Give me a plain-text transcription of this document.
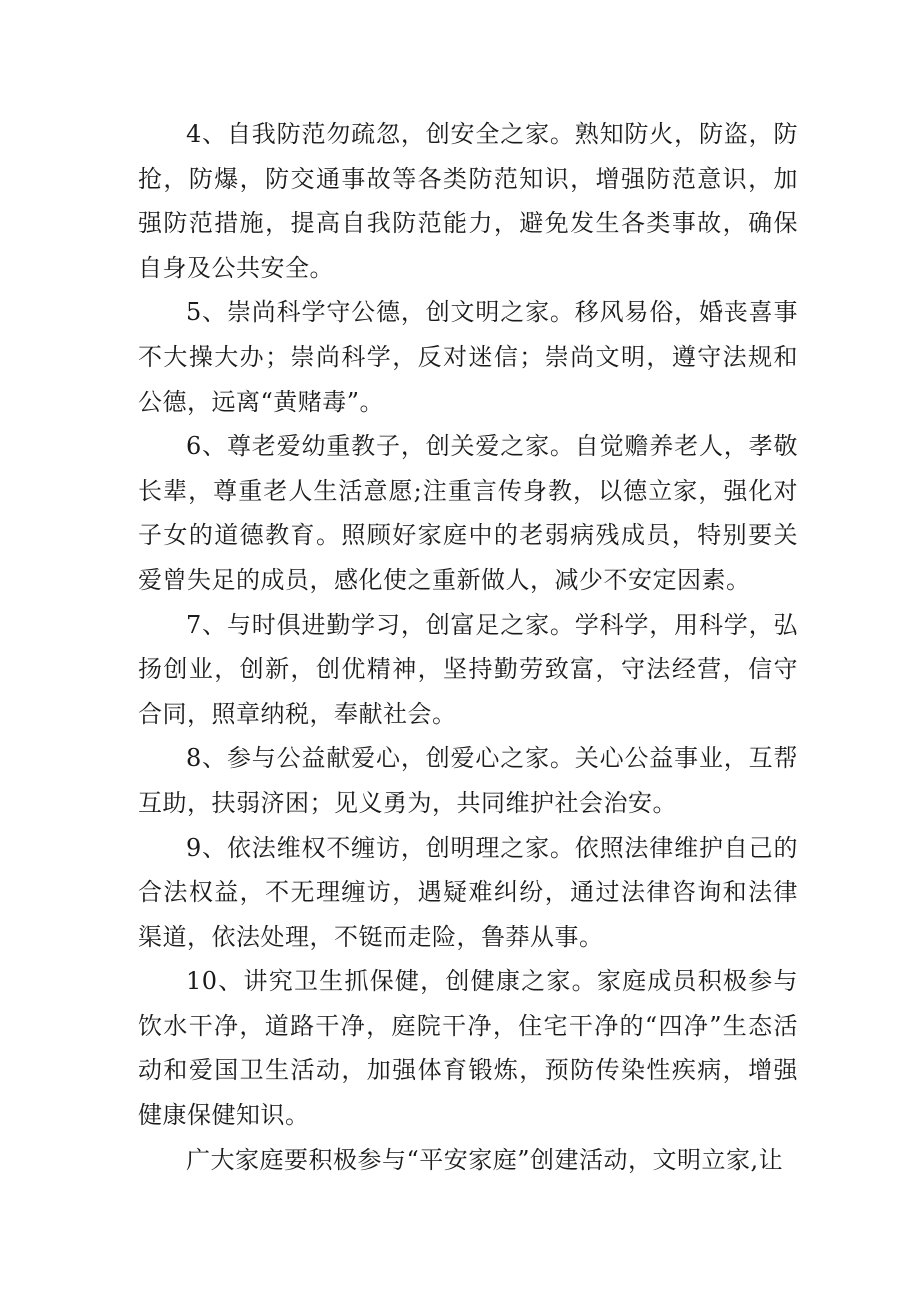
4、自我防范勿疏忽，创安全之家。熟知防火，防盗，防抢，防爆，防交通事故等各类防范知识，增强防范意识，加强防范措施，提高自我防范能力，避免发生各类事故，确保自身及公共安全。

5、崇尚科学守公德，创文明之家。移风易俗，婚丧喜事不大操大办；崇尚科学，反对迷信；崇尚文明，遵守法规和公德，远离“黄赌毒”。

6、尊老爱幼重教子，创关爱之家。自觉赡养老人，孝敬长辈，尊重老人生活意愿;注重言传身教，以德立家，强化对子女的道德教育。照顾好家庭中的老弱病残成员，特别要关爱曾失足的成员，感化使之重新做人，减少不安定因素。

7、与时俱进勤学习，创富足之家。学科学，用科学，弘扬创业，创新，创优精神，坚持勤劳致富，守法经营，信守合同，照章纳税，奉献社会。

8、参与公益献爱心，创爱心之家。关心公益事业，互帮互助，扶弱济困；见义勇为，共同维护社会治安。

9、依法维权不缠访，创明理之家。依照法律维护自己的合法权益，不无理缠访，遇疑难纠纷，通过法律咨询和法律渠道，依法处理，不铤而走险，鲁莽从事。

10、讲究卫生抓保健，创健康之家。家庭成员积极参与饮水干净，道路干净，庭院干净，住宅干净的“四净”生态活动和爱国卫生活动，加强体育锻炼，预防传染性疾病，增强健康保健知识。

广大家庭要积极参与“平安家庭”创建活动，文明立家,让
